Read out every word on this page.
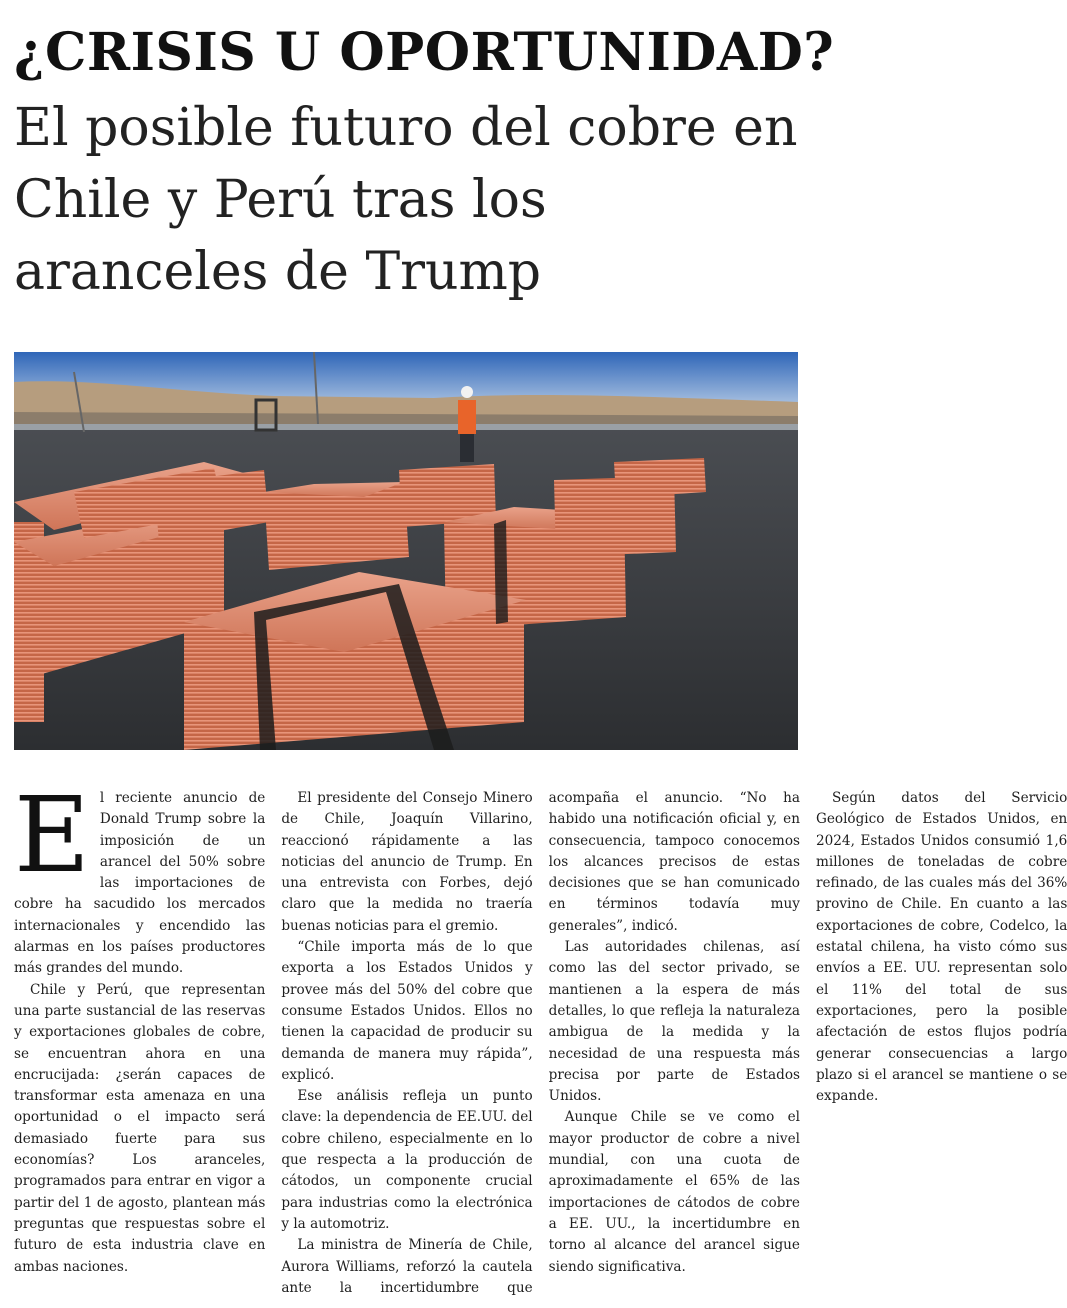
¿CRISIS U OPORTUNIDAD?
El posible futuro del cobre en Chile y Perú tras los aranceles de Trump

El reciente anuncio de Donald Trump sobre la imposición de un arancel del 50% sobre las importaciones de cobre ha sacudido los mercados internacionales y encendido las alarmas en los países productores más grandes del mundo.

Chile y Perú, que representan una parte sustancial de las reservas y exportaciones globales de cobre, se encuentran ahora en una encrucijada: ¿serán capaces de transformar esta amenaza en una oportunidad o el impacto será demasiado fuerte para sus economías? Los aranceles, programados para entrar en vigor a partir del 1 de agosto, plantean más preguntas que respuestas sobre el futuro de esta industria clave en ambas naciones.

El presidente del Consejo Minero de Chile, Joaquín Villarino, reaccionó rápidamente a las noticias del anuncio de Trump. En una entrevista con Forbes, dejó claro que la medida no traería buenas noticias para el gremio.

“Chile importa más de lo que exporta a los Estados Unidos y provee más del 50% del cobre que consume Estados Unidos. Ellos no tienen la capacidad de producir su demanda de manera muy rápida”, explicó.

Ese análisis refleja un punto clave: la dependencia de EE.UU. del cobre chileno, especialmente en lo que respecta a la producción de cátodos, un componente crucial para industrias como la electrónica y la automotriz.

La ministra de Minería de Chile, Aurora Williams, reforzó la cautela ante la incertidumbre que acompaña el anuncio. “No ha habido una notificación oficial y, en consecuencia, tampoco conocemos los alcances precisos de estas decisiones que se han comunicado en términos todavía muy generales”, indicó.

Las autoridades chilenas, así como las del sector privado, se mantienen a la espera de más detalles, lo que refleja la naturaleza ambigua de la medida y la necesidad de una respuesta más precisa por parte de Estados Unidos.

Aunque Chile se ve como el mayor productor de cobre a nivel mundial, con una cuota de aproximadamente el 65% de las importaciones de cátodos de cobre a EE. UU., la incertidumbre en torno al alcance del arancel sigue siendo significativa.

Según datos del Servicio Geológico de Estados Unidos, en 2024, Estados Unidos consumió 1,6 millones de toneladas de cobre refinado, de las cuales más del 36% provino de Chile. En cuanto a las exportaciones de cobre, Codelco, la estatal chilena, ha visto cómo sus envíos a EE. UU. representan solo el 11% del total de sus exportaciones, pero la posible afectación de estos flujos podría generar consecuencias a largo plazo si el arancel se mantiene o se expande.
